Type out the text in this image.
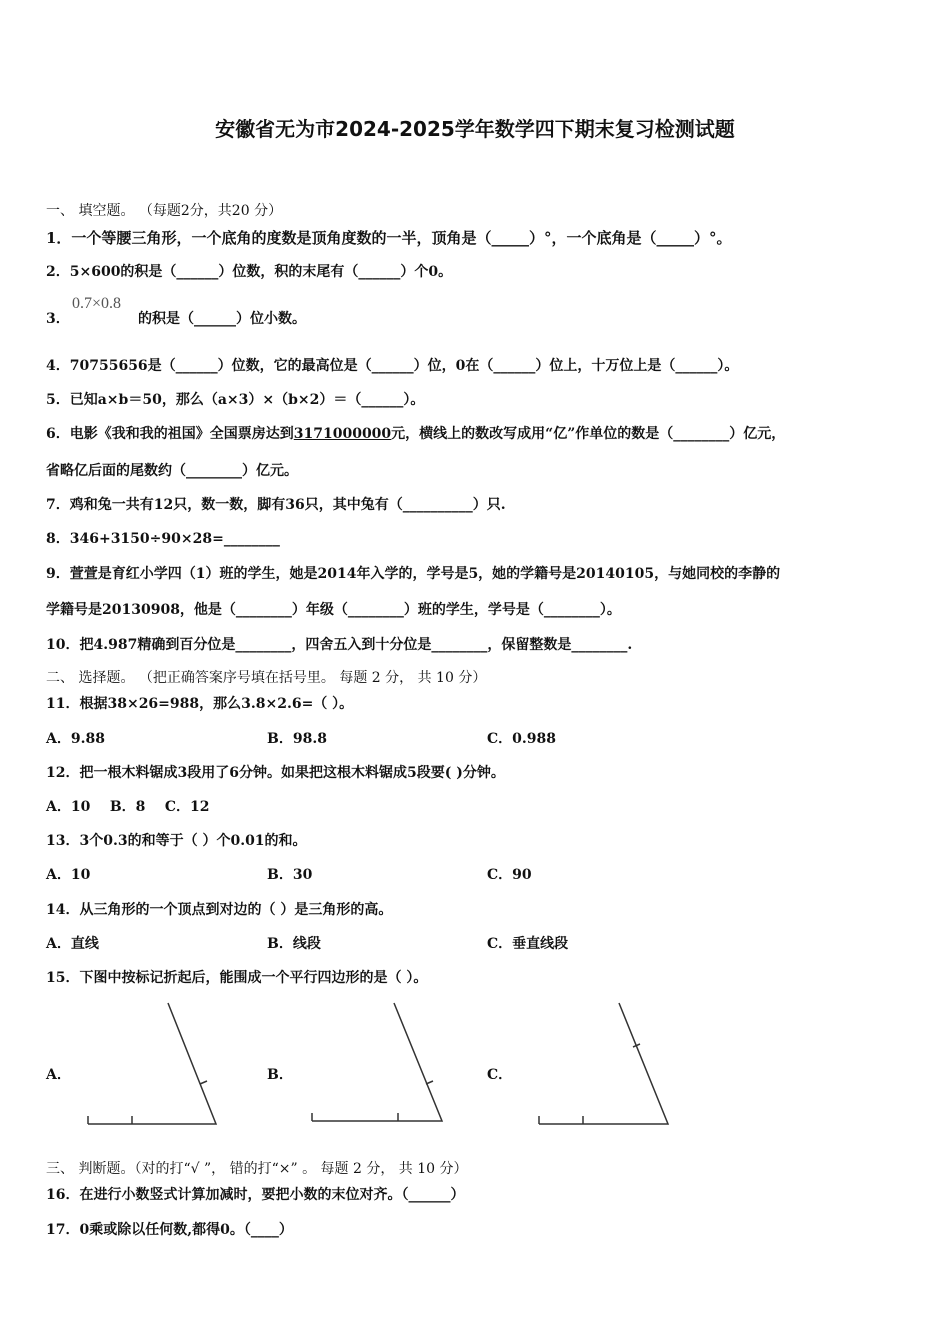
安徽省无为市2024-2025学年数学四下期末复习检测试题
一、 填空题。 （每题2分，共20 分）
1．一个等腰三角形，一个底角的度数是顶角度数的一半，顶角是（_____）°，一个底角是（_____）°。
2．5×600的积是（______）位数，积的末尾有（______）个0。
3．
0.7×0.8
的积是（______）位小数。
4．70755656是（______）位数，它的最高位是（______）位，0在（______）位上，十万位上是（______）。
5．已知a×b＝50，那么（a×3）×（b×2）＝（______）。
6．电影《我和我的祖国》全国票房达到3171000000元，横线上的数改写成用“亿”作单位的数是（________）亿元，
省略亿后面的尾数约（________）亿元。
7．鸡和兔一共有12只，数一数，脚有36只，其中兔有（__________）只.
8．346+3150÷90×28=________
9．萱萱是育红小学四（1）班的学生，她是2014年入学的，学号是5，她的学籍号是20140105，与她同校的李静的
学籍号是20130908，他是（________）年级（________）班的学生，学号是（________）。
10．把4.987精确到百分位是________，四舍五入到十分位是________，保留整数是________.
二、 选择题。 （把正确答案序号填在括号里。 每题 2 分， 共 10 分）
11．根据38×26=988，那么3.8×2.6=（ ）。
A．9.88	B．98.8	C．0.988
12．把一根木料锯成3段用了6分钟。如果把这根木料锯成5段要( )分钟。
A．10    B．8    C．12
13．3个0.3的和等于（ ）个0.01的和。
A．10	B．30	C．90
14．从三角形的一个顶点到对边的（ ）是三角形的高。
A．直线	B．线段	C．垂直线段
15．下图中按标记折起后，能围成一个平行四边形的是（ ）。
A．	B．	C．
三、 判断题。（对的打“√ ”， 错的打“×” 。 每题 2 分， 共 10 分）
16．在进行小数竖式计算加减时，要把小数的末位对齐。（______）
17．0乘或除以任何数,都得0。（____）
